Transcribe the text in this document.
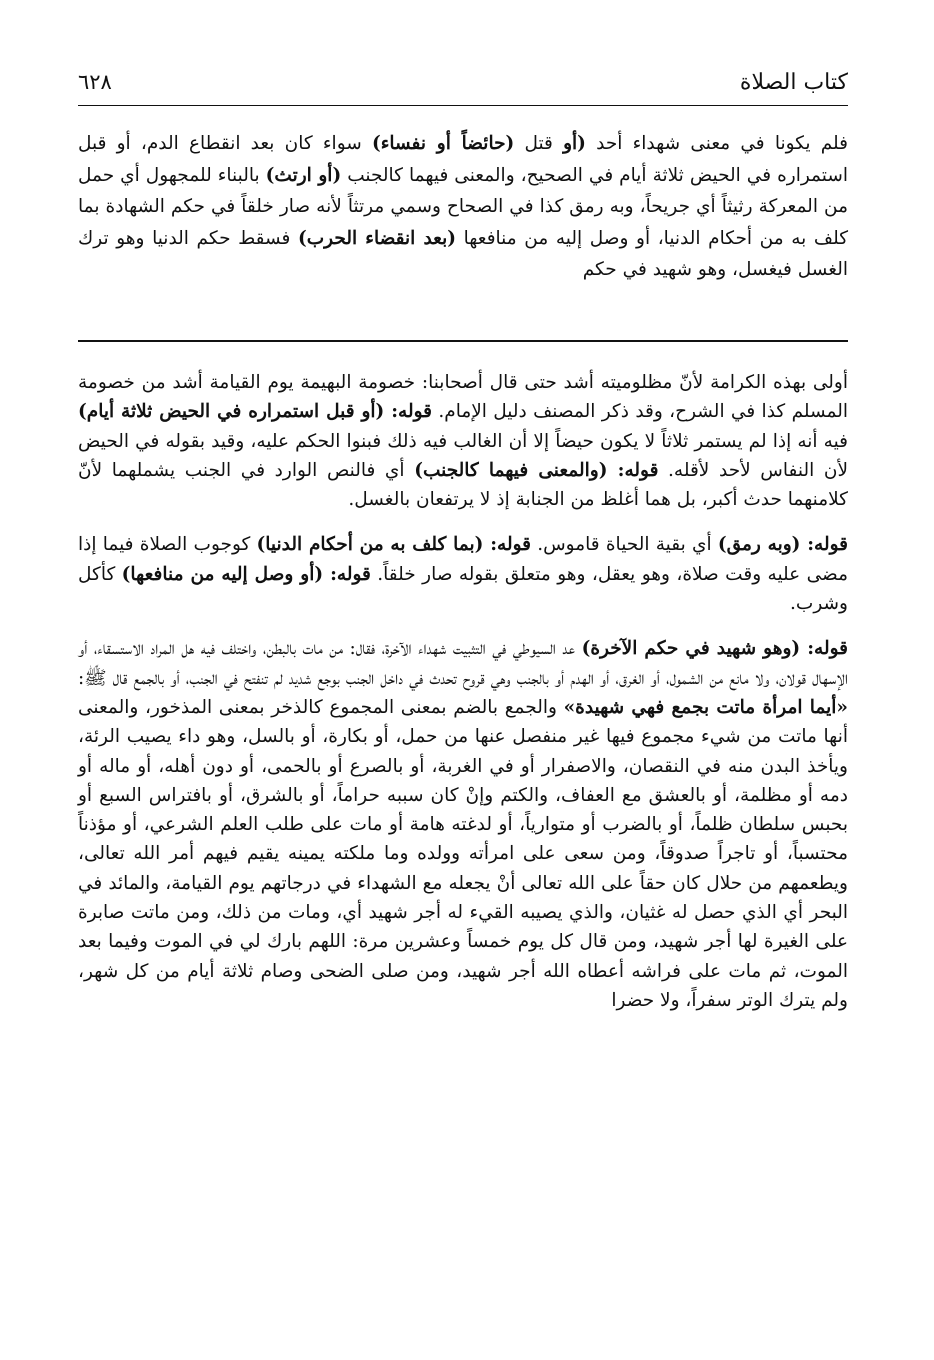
٦٢٨	كتاب الصلاة

فلم يكونا في معنى شهداء أحد (أو قتل (حائضاً أو نفساء) سواء كان بعد انقطاع الدم، أو قبل استمراره في الحيض ثلاثة أيام في الصحيح، والمعنى فيهما كالجنب (أو ارتث) بالبناء للمجهول أي حمل من المعركة رثيثاً أي جريحاً، وبه رمق كذا في الصحاح وسمي مرتثاً لأنه صار خلقاً في حكم الشهادة بما كلف به من أحكام الدنيا، أو وصل إليه من منافعها (بعد انقضاء الحرب) فسقط حكم الدنيا وهو ترك الغسل فيغسل، وهو شهيد في حكم

أولى بهذه الكرامة لأنّ مظلوميته أشد حتى قال أصحابنا: خصومة البهيمة يوم القيامة أشد من خصومة المسلم كذا في الشرح، وقد ذكر المصنف دليل الإمام. قوله: (أو قبل استمراره في الحيض ثلاثة أيام) فيه أنه إذا لم يستمر ثلاثاً لا يكون حيضاً إلا أن الغالب فيه ذلك فبنوا الحكم عليه، وقيد بقوله في الحيض لأن النفاس لأحد لأقله. قوله: (والمعنى فيهما كالجنب) أي فالنص الوارد في الجنب يشملهما لأنّ كلامنهما حدث أكبر، بل هما أغلظ من الجنابة إذ لا يرتفعان بالغسل.

قوله: (وبه رمق) أي بقية الحياة قاموس. قوله: (بما كلف به من أحكام الدنيا) كوجوب الصلاة فيما إذا مضى عليه وقت صلاة، وهو يعقل، وهو متعلق بقوله صار خلقاً. قوله: (أو وصل إليه من منافعها) كأكل وشرب.

قوله: (وهو شهيد في حكم الآخرة) عد السيوطي في التثبيت شهداء الآخرة، فقال: من مات بالبطن، واختلف فيه هل المراد الاستسقاء، أو الإسهال قولان، ولا مانع من الشمول، أو الغرق، أو الهدم أو بالجنب وهي قروح تحدث في داخل الجنب بوجع شديد لم تنفتح في الجنب، أو بالجمع قال ﷺ: «أيما امرأة ماتت بجمع فهي شهيدة» والجمع بالضم بمعنى المجموع كالذخر بمعنى المذخور، والمعنى أنها ماتت من شيء مجموع فيها غير منفصل عنها من حمل، أو بكارة، أو بالسل، وهو داء يصيب الرئة، ويأخذ البدن منه في النقصان، والاصفرار أو في الغربة، أو بالصرع أو بالحمى، أو دون أهله، أو ماله أو دمه أو مظلمة، أو بالعشق مع العفاف، والكتم وإنْ كان سببه حراماً، أو بالشرق، أو بافتراس السبع أو بحبس سلطان ظلماً، أو بالضرب أو متوارياً، أو لدغته هامة أو مات على طلب العلم الشرعي، أو مؤذناً محتسباً، أو تاجراً صدوقاً، ومن سعى على امرأته وولده وما ملكته يمينه يقيم فيهم أمر الله تعالى، ويطعمهم من حلال كان حقاً على الله تعالى أنْ يجعله مع الشهداء في درجاتهم يوم القيامة، والمائد في البحر أي الذي حصل له غثيان، والذي يصيبه القيء له أجر شهيد أي، ومات من ذلك، ومن ماتت صابرة على الغيرة لها أجر شهيد، ومن قال كل يوم خمساً وعشرين مرة: اللهم بارك لي في الموت وفيما بعد الموت، ثم مات على فراشه أعطاه الله أجر شهيد، ومن صلى الضحى وصام ثلاثة أيام من كل شهر، ولم يترك الوتر سفراً، ولا حضرا
